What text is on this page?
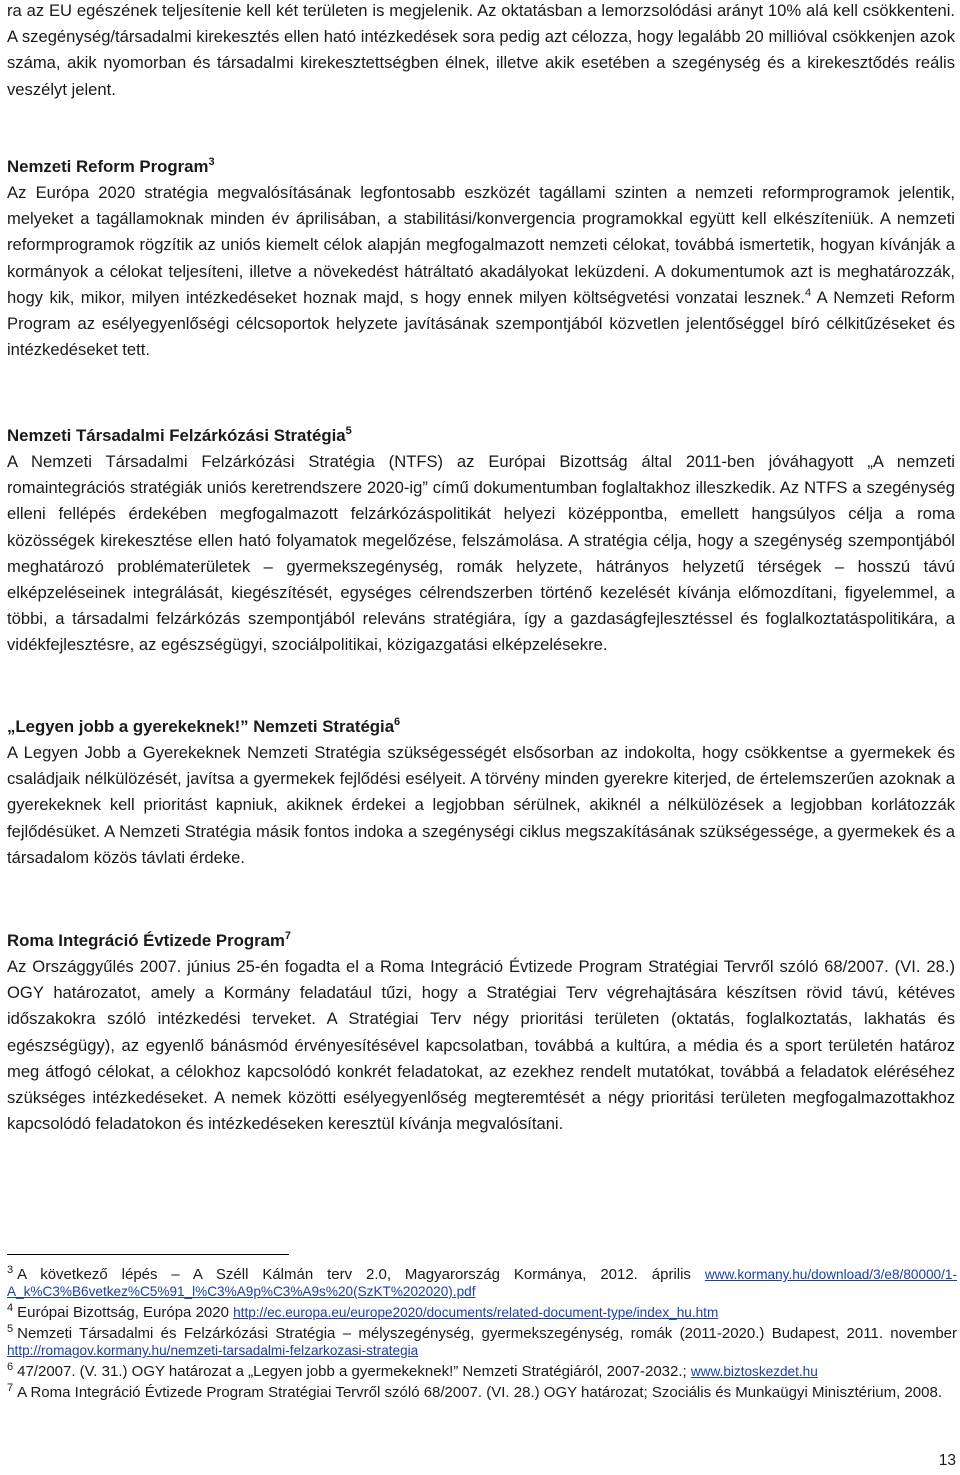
ra az EU egészének teljesítenie kell két területen is megjelenik. Az oktatásban a lemorzsolódási arányt 10% alá kell csökkenteni. A szegénység/társadalmi kirekesztés ellen ható intézkedések sora pedig azt célozza, hogy legalább 20 millióval csökkenjen azok száma, akik nyomorban és társadalmi kirekesztettségben élnek, illetve akik esetében a szegénység és a kirekesztődés reális veszélyt jelent.

Nemzeti Reform Program$^3$

Az Európa 2020 stratégia megvalósításának legfontosabb eszközét tagállami szinten a nemzeti reformprogramok jelentik, melyeket a tagállamoknak minden év áprilisában, a stabilitási/konvergencia programokkal együtt kell elkészíteniük. A nemzeti reformprogramok rögzítik az uniós kiemelt célok alapján megfogalmazott nemzeti célokat, továbbá ismertetik, hogyan kívánják a kormányok a célokat teljesíteni, illetve a növekedést hátráltató akadályokat leküzdeni. A dokumentumok azt is meghatározzák, hogy kik, mikor, milyen intézkedéseket hoznak majd, s hogy ennek milyen költségvetési vonzatai lesznek.$^4$ A Nemzeti Reform Program az esélyegyenlőségi célcsoportok helyzete javításának szempontjából közvetlen jelentőséggel bíró célkitűzéseket és intézkedéseket tett.

Nemzeti Társadalmi Felzárkózási Stratégia$^5$

A Nemzeti Társadalmi Felzárkózási Stratégia (NTFS) az Európai Bizottság által 2011-ben jóváhagyott „A nemzeti romaintegrációs stratégiák uniós keretrendszere 2020-ig” című dokumentumban foglaltakhoz illeszkedik. Az NTFS a szegénység elleni fellépés érdekében megfogalmazott felzárkózáspolitikát helyezi középpontba, emellett hangsúlyos célja a roma közösségek kirekesztése ellen ható folyamatok megelőzése, felszámolása. A stratégia célja, hogy a szegénység szempontjából meghatározó problématerületek – gyermekszegénység, romák helyzete, hátrányos helyzetű térségek – hosszú távú elképzeléseinek integrálását, kiegészítését, egységes célrendszerben történő kezelését kívánja előmozdítani, figyelemmel, a többi, a társadalmi felzárkózás szempontjából releváns stratégiára, így a gazdaságfejlesztéssel és foglalkoztatáspolitikára, a vidékfejlesztésre, az egészségügyi, szociálpolitikai, közigazgatási elképzelésekre.

„Legyen jobb a gyerekeknek!” Nemzeti Stratégia$^6$

A Legyen Jobb a Gyerekeknek Nemzeti Stratégia szükségességét elsősorban az indokolta, hogy csökkentse a gyermekek és családjaik nélkülözését, javítsa a gyermekek fejlődési esélyeit. A törvény minden gyerekre kiterjed, de értelemszerűen azoknak a gyerekeknek kell prioritást kapniuk, akiknek érdekei a legjobban sérülnek, akiknél a nélkülözések a legjobban korlátozzák fejlődésüket. A Nemzeti Stratégia másik fontos indoka a szegénységi ciklus megszakításának szükségessége, a gyermekek és a társadalom közös távlati érdeke.

Roma Integráció Évtizede Program$^7$

Az Országgyűlés 2007. június 25-én fogadta el a Roma Integráció Évtizede Program Stratégiai Tervről szóló 68/2007. (VI. 28.) OGY határozatot, amely a Kormány feladatául tűzi, hogy a Stratégiai Terv végrehajtására készítsen rövid távú, kétéves időszakokra szóló intézkedési terveket. A Stratégiai Terv négy prioritási területen (oktatás, foglalkoztatás, lakhatás és egészségügy), az egyenlő bánásmód érvényesítésével kapcsolatban, továbbá a kultúra, a média és a sport területén határoz meg átfogó célokat, a célokhoz kapcsolódó konkrét feladatokat, az ezekhez rendelt mutatókat, továbbá a feladatok eléréséhez szükséges intézkedéseket. A nemek közötti esélyegyenlőség megteremtését a négy prioritási területen megfogalmazottakhoz kapcsolódó feladatokon és intézkedéseken keresztül kívánja megvalósítani.

$^3$ A következő lépés – A Széll Kálmán terv 2.0, Magyarország Kormánya, 2012. április www.kormany.hu/download/3/e8/80000/1-A_k%C3%B6vetkez%C5%91_l%C3%A9p%C3%A9s%20(SzKT%202020).pdf

$^4$ Európai Bizottság, Európa 2020 http://ec.europa.eu/europe2020/documents/related-document-type/index_hu.htm

$^5$ Nemzeti Társadalmi és Felzárkózási Stratégia – mélyszegénység, gyermekszegénység, romák (2011-2020.) Budapest, 2011. november http://romagov.kormany.hu/nemzeti-tarsadalmi-felzarkozasi-strategia

$^6$ 47/2007. (V. 31.) OGY határozat a „Legyen jobb a gyermekeknek!” Nemzeti Stratégiáról, 2007-2032.; www.biztoskezdet.hu

$^7$ A Roma Integráció Évtizede Program Stratégiai Tervről szóló 68/2007. (VI. 28.) OGY határozat; Szociális és Munkaügyi Minisztérium, 2008.

13
